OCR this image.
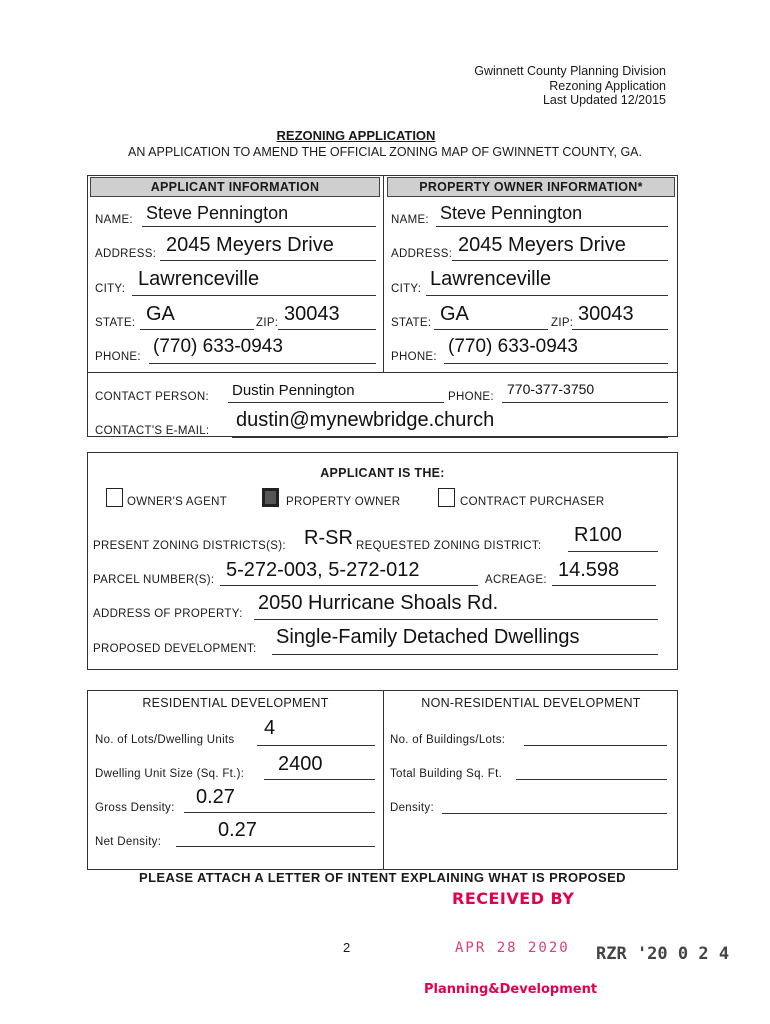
Gwinnett County Planning Division
Rezoning Application
Last Updated 12/2015
REZONING APPLICATION
AN APPLICATION TO AMEND THE OFFICIAL ZONING MAP OF GWINNETT COUNTY, GA.
APPLICANT INFORMATION	PROPERTY OWNER INFORMATION*
NAME: Steve Pennington
ADDRESS: 2045 Meyers Drive
CITY: Lawrenceville
STATE: GA	ZIP: 30043
PHONE: (770) 633-0943
NAME: Steve Pennington
ADDRESS: 2045 Meyers Drive
CITY: Lawrenceville
STATE: GA	ZIP: 30043
PHONE: (770) 633-0943
CONTACT PERSON: Dustin Pennington	PHONE: 770-377-3750
CONTACT'S E-MAIL: dustin@mynewbridge.church
APPLICANT IS THE:
OWNER'S AGENT	PROPERTY OWNER	CONTRACT PURCHASER
PRESENT ZONING DISTRICTS(S): R-SR REQUESTED ZONING DISTRICT: R100
PARCEL NUMBER(S): 5-272-003, 5-272-012	ACREAGE: 14.598
ADDRESS OF PROPERTY: 2050 Hurricane Shoals Rd.
PROPOSED DEVELOPMENT:
Single-Family Detached Dwellings
RESIDENTIAL DEVELOPMENT	NON-RESIDENTIAL DEVELOPMENT
No. of Lots/Dwelling Units
4
Dwelling Unit Size (Sq. Ft.): 2400
Gross Density: 0.27
Net Density:
0.27
No. of Buildings/Lots:
Total Building Sq. Ft.
Density:
PLEASE ATTACH A LETTER OF INTENT EXPLAINING WHAT IS PROPOSED
2
RECEIVED BY
APR 28 2020 RZR '20 0 2 4
Planning&Development
